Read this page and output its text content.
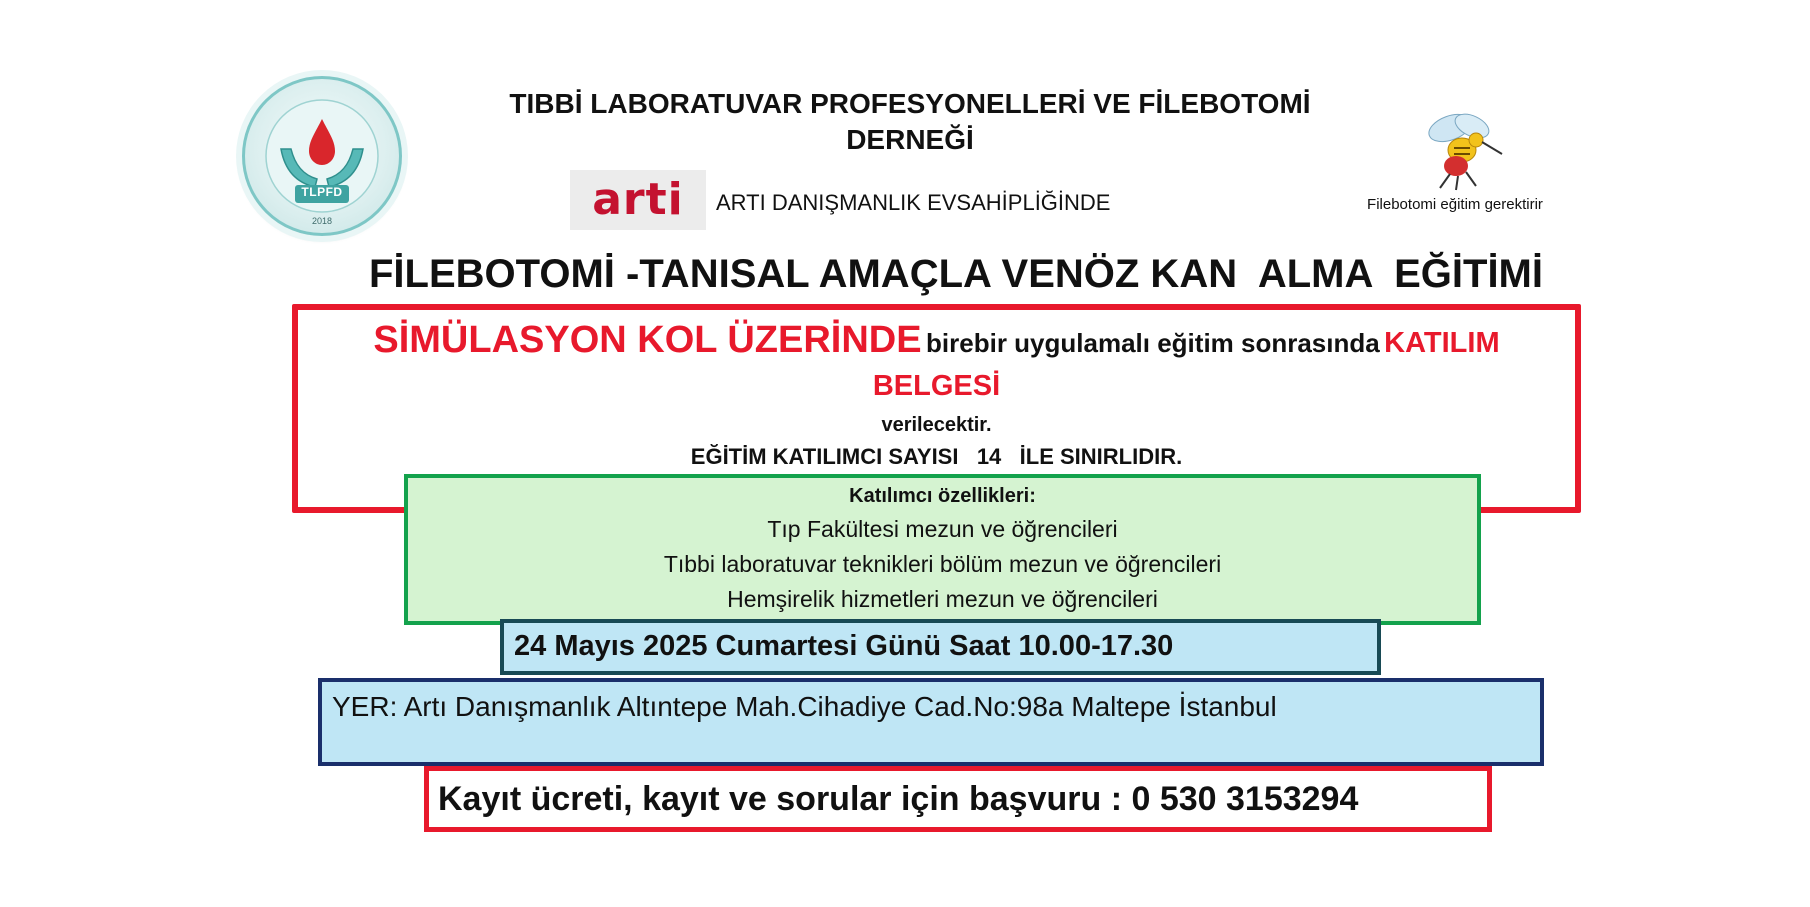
TLPFD
2018
TIBBİ LABORATUVAR PROFESYONELLERİ VE FİLEBOTOMİ
DERNEĞİ
arti ARTI DANIŞMANLIK EVSAHİPLİĞİNDE	Filebotomi eğitim gerektirir
FİLEBOTOMİ -TANISAL AMAÇLA VENÖZ KAN  ALMA  EĞİTİMİ
SİMÜLASYON KOL ÜZERİNDE birebir uygulamalı eğitim sonrasında KATILIM
BELGESİ
verilecektir.
EĞİTİM KATILIMCI SAYISI 14 İLE SINIRLIDIR.
Katılımcı özellikleri:
Tıp Fakültesi mezun ve öğrencileri
Tıbbi laboratuvar teknikleri bölüm mezun ve öğrencileri
Hemşirelik hizmetleri mezun ve öğrencileri
24 Mayıs 2025 Cumartesi Günü Saat 10.00-17.30
YER: Artı Danışmanlık Altıntepe Mah.Cihadiye Cad.No:98a Maltepe İstanbul
Kayıt ücreti, kayıt ve sorular için başvuru : 0 530 3153294
